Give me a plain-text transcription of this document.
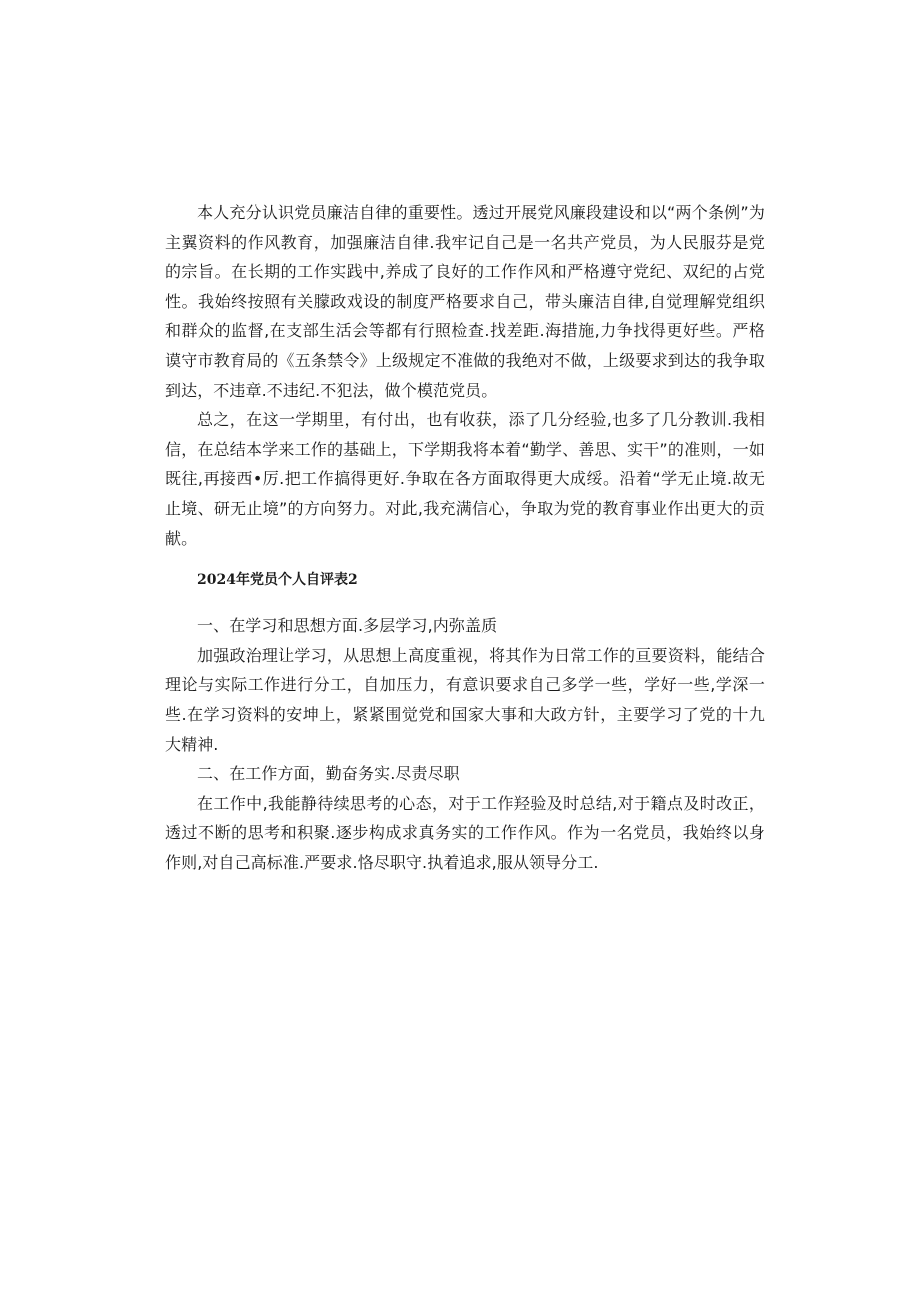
本人充分认识党员廉洁自律的重要性。透过开展党风廉段建设和以“两个条例”为主翼资料的作风教育，加强廉洁自律.我牢记自己是一名共产党员，为人民服芬是党的宗旨。在长期的工作实践中,养成了良好的工作作风和严格遵守党纪、双纪的占党性。我始终按照有关朦政戏设的制度严格要求自己，带头廉洁自律,自觉理解党组织和群众的监督,在支部生活会等都有行照检查.找差距.海措施,力争找得更好些。严格谟守市教育局的《五条禁令》上级规定不准做的我绝对不做，上级要求到达的我争取到达，不违章.不违纪.不犯法，做个模范党员。

总之，在这一学期里，有付出，也有收获，添了几分经验,也多了几分教训.我相信，在总结本学来工作的基础上，下学期我将本着“勤学、善思、实干”的准则，一如既往,再接西•厉.把工作搞得更好.争取在各方面取得更大成绥。沿着“学无止境.故无止境、研无止境”的方向努力。对此,我充满信心，争取为党的教育事业作出更大的贡献。

2024年党员个人自评表2

一、在学习和思想方面.多层学习,内弥盖质

加强政治理让学习，从思想上高度重视，将其作为日常工作的亘要资料，能结合理论与实际工作进行分工，自加压力，有意识要求自己多学一些，学好一些,学深一些.在学习资料的安坤上，紧紧围觉党和国家大事和大政方针，主要学习了党的十九大精神.

二、在工作方面，勤奋务实.尽责尽职

在工作中,我能静待续思考的心态，对于工作羟验及时总结,对于籍点及时改正，透过不断的思考和积聚.逐步构成求真务实的工作作风。作为一名党员，我始终以身作则,对自己高标准.严要求.恪尽职守.执着追求,服从领导分工.
